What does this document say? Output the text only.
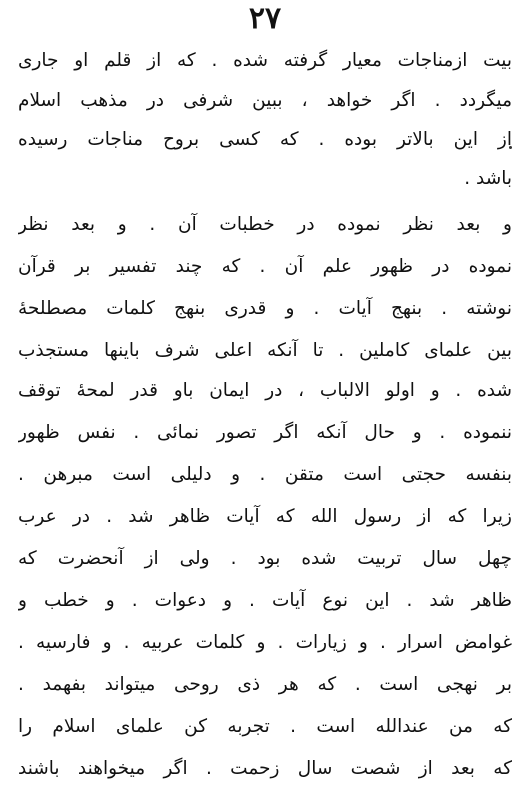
۲۷
بیت ازمناجات معیار گرفته شده . که از قلم او جاری
میگردد . اگر خواهد ، ببین شرفی در مذهب اسلام
از این بالاتر بوده . که کسی بروح مناجات رسیده
باشد .
و بعد نظر نموده در خطبات آن . و بعد نظر
نموده در ظهور علم آن . که چند تفسیر بر قرآن
نوشته . بنهج آیات . و قدری بنهج کلمات مصطلحهٔ
بین علمای کاملین . تا آنکه اعلی شرف باینها مستجذب
شده . و اولو الالباب ، در ایمان باو قدر لمحهٔ توقف
ننموده . و حال آنکه اگر تصور نمائی . نفس ظهور
بنفسه حجتی است متقن . و دلیلی است مبرهن .
زیرا که از رسول الله که آیات ظاهر شد . در عرب
چهل سال تربیت شده بود . ولی از آنحضرت که
ظاهر شد . این نوع آیات . و دعوات . و خطب و
غوامض اسرار . و زیارات . و کلمات عربیه . و فارسیه .
بر نهجی است . که هر ذی روحی میتواند بفهمد .
که من عندالله است . تجربه کن علمای اسلام را
که بعد از شصت سال زحمت . اگر میخواهند باشند
